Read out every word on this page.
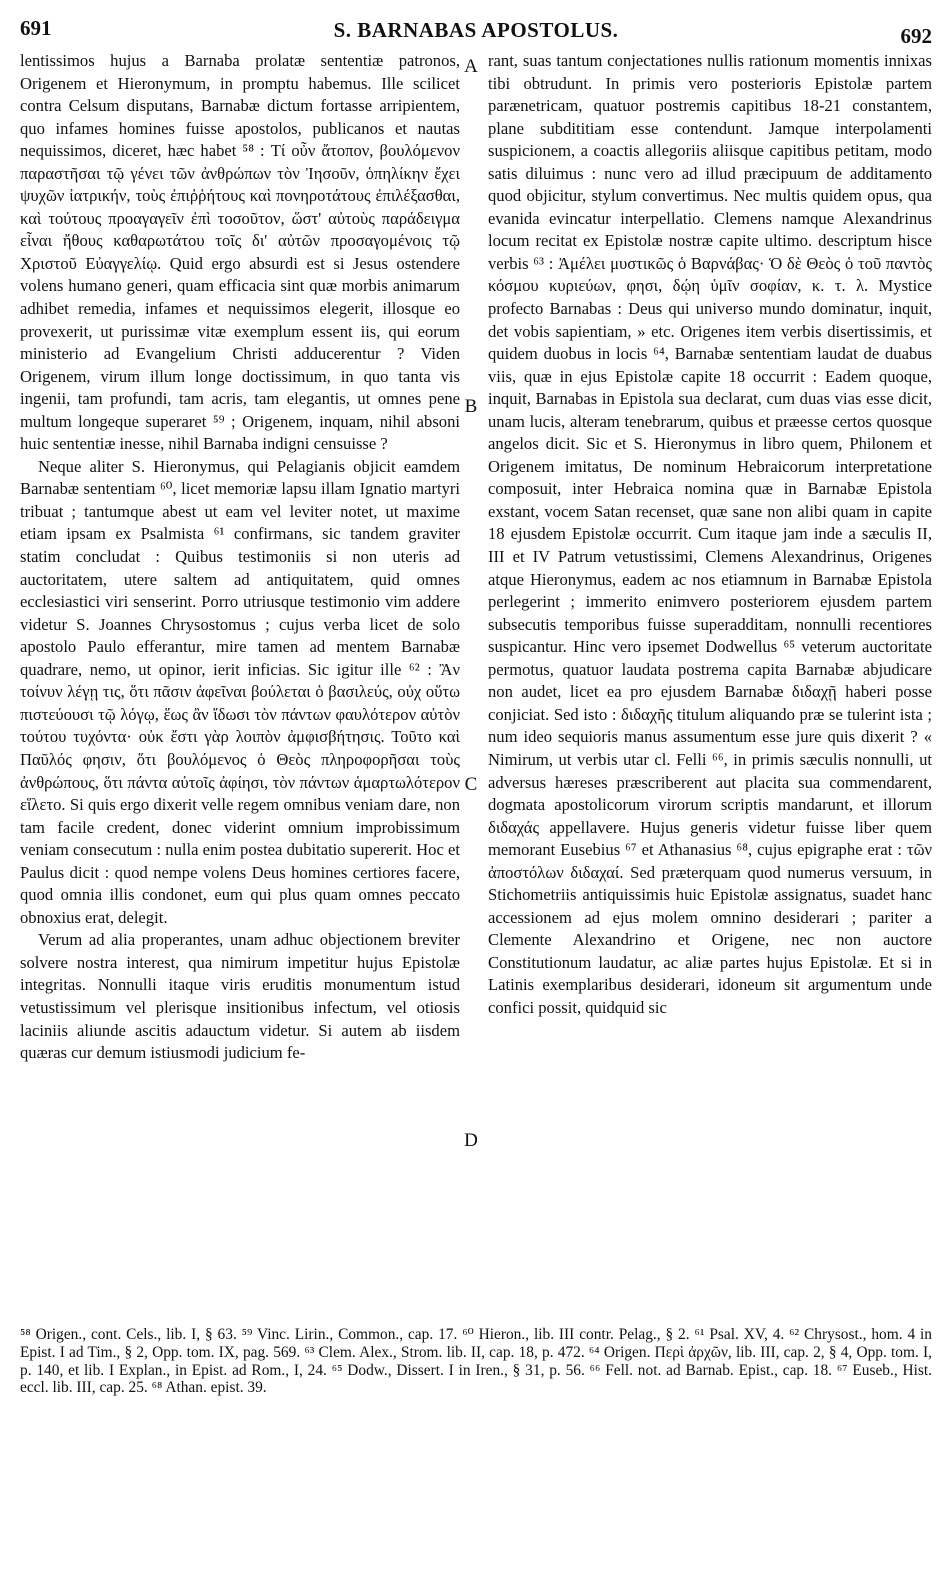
691	S. BARNABAS APOSTOLUS.	692

lentissimos hujus a Barnaba prolatæ sententiæ patronos, Origenem et Hieronymum, in promptu habemus. Ille scilicet contra Celsum disputans, Barnabæ dictum fortasse arripientem, quo infames homines fuisse apostolos, publicanos et nautas nequissimos, diceret, hæc habet ⁵⁸ : Τί οὖν ἄτοπον, βουλόμενον παραστῆσαι τῷ γένει τῶν ἀνθρώπων τὸν Ἰησοῦν, ὁπηλίκην ἔχει ψυχῶν ἰατρικήν, τοὺς ἐπιῤῥήτους καὶ πονηροτάτους ἐπιλέξασθαι, καὶ τούτους προαγαγεῖν ἐπὶ τοσοῦτον, ὥστ' αὐτοὺς παράδειγμα εἶναι ἤθους καθαρωτάτου τοῖς δι' αὐτῶν προσαγομένοις τῷ Χριστοῦ Εὐαγγελίῳ. Quid ergo absurdi est si Jesus ostendere volens humano generi, quam efficacia sint quæ morbis animarum adhibet remedia, infames et nequissimos elegerit, illosque eo provexerit, ut purissimæ vitæ exemplum essent iis, qui eorum ministerio ad Evangelium Christi adducerentur ? Viden Origenem, virum illum longe doctissimum, in quo tanta vis ingenii, tam profundi, tam acris, tam elegantis, ut omnes pene multum longeque superaret ⁵⁹ ; Origenem, inquam, nihil absoni huic sententiæ inesse, nihil Barnaba indigni censuisse ?

Neque aliter S. Hieronymus, qui Pelagianis objicit eamdem Barnabæ sententiam ⁶⁰, licet memoriæ lapsu illam Ignatio martyri tribuat ; tantumque abest ut eam vel leviter notet, ut maxime etiam ipsam ex Psalmista ⁶¹ confirmans, sic tandem graviter statim concludat : Quibus testimoniis si non uteris ad auctoritatem, utere saltem ad antiquitatem, quid omnes ecclesiastici viri senserint. Porro utriusque testimonio vim addere videtur S. Joannes Chrysostomus ; cujus verba licet de solo apostolo Paulo efferantur, mire tamen ad mentem Barnabæ quadrare, nemo, ut opinor, ierit inficias. Sic igitur ille ⁶² : Ἂν τοίνυν λέγῃ τις, ὅτι πᾶσιν ἀφεῖναι βούλεται ὁ βασιλεύς, οὐχ οὕτω πιστεύουσι τῷ λόγῳ, ἕως ἂν ἴδωσι τὸν πάντων φαυλότερον αὐτὸν τούτου τυχόντα· οὐκ ἔστι γὰρ λοιπὸν ἀμφισβήτησις. Τοῦτο καὶ Παῦλός φησιν, ὅτι βουλόμενος ὁ Θεὸς πληροφορῆσαι τοὺς ἀνθρώπους, ὅτι πάντα αὐτοῖς ἀφίησι, τὸν πάντων ἁμαρτωλότερον εἵλετο. Si quis ergo dixerit velle regem omnibus veniam dare, non tam facile credent, donec viderint omnium improbissimum veniam consecutum : nulla enim postea dubitatio supererit. Hoc et Paulus dicit : quod nempe volens Deus homines certiores facere, quod omnia illis condonet, eum qui plus quam omnes peccato obnoxius erat, delegit.

Verum ad alia properantes, unam adhuc objectionem breviter solvere nostra interest, qua nimirum impetitur hujus Epistolæ integritas. Nonnulli itaque viris eruditis monumentum istud vetustissimum vel plerisque insitionibus infectum, vel otiosis laciniis aliunde ascitis adauctum videtur. Si autem ab iisdem quæras cur demum istiusmodi judicium fe-

A
B
C
D

rant, suas tantum conjectationes nullis rationum momentis innixas tibi obtrudunt. In primis vero posterioris Epistolæ partem parænetricam, quatuor postremis capitibus 18-21 constantem, plane subdititiam esse contendunt. Jamque interpolamenti suspicionem, a coactis allegoriis aliisque capitibus petitam, modo satis diluimus : nunc vero ad illud præcipuum de additamento quod objicitur, stylum convertimus. Nec multis quidem opus, qua evanida evincatur interpellatio. Clemens namque Alexandrinus locum recitat ex Epistolæ nostræ capite ultimo. descriptum hisce verbis ⁶³ : Ἀμέλει μυστικῶς ὁ Βαρνάβας· Ὁ δὲ Θεὸς ὁ τοῦ παντὸς κόσμου κυριεύων, φησι, δῴη ὑμῖν σοφίαν, κ. τ. λ. Mystice profecto Barnabas : Deus qui universo mundo dominatur, inquit, det vobis sapientiam, » etc. Origenes item verbis disertissimis, et quidem duobus in locis ⁶⁴, Barnabæ sententiam laudat de duabus viis, quæ in ejus Epistolæ capite 18 occurrit : Eadem quoque, inquit, Barnabas in Epistola sua declarat, cum duas vias esse dicit, unam lucis, alteram tenebrarum, quibus et præesse certos quosque angelos dicit. Sic et S. Hieronymus in libro quem, Philonem et Origenem imitatus, De nominum Hebraicorum interpretatione composuit, inter Hebraica nomina quæ in Barnabæ Epistola exstant, vocem Satan recenset, quæ sane non alibi quam in capite 18 ejusdem Epistolæ occurrit. Cum itaque jam inde a sæculis II, III et IV Patrum vetustissimi, Clemens Alexandrinus, Origenes atque Hieronymus, eadem ac nos etiamnum in Barnabæ Epistola perlegerint ; immerito enimvero posteriorem ejusdem partem subsecutis temporibus fuisse superadditam, nonnulli recentiores suspicantur. Hinc vero ipsemet Dodwellus ⁶⁵ veterum auctoritate permotus, quatuor laudata postrema capita Barnabæ abjudicare non audet, licet ea pro ejusdem Barnabæ διδαχῇ haberi posse conjiciat. Sed isto : διδαχῆς titulum aliquando præ se tulerint ista ; num ideo sequioris manus assumentum esse jure quis dixerit ? « Nimirum, ut verbis utar cl. Felli ⁶⁶, in primis sæculis nonnulli, ut adversus hæreses præscriberent aut placita sua commendarent, dogmata apostolicorum virorum scriptis mandarunt, et illorum διδαχάς appellavere. Hujus generis videtur fuisse liber quem memorant Eusebius ⁶⁷ et Athanasius ⁶⁸, cujus epigraphe erat : τῶν ἀποστόλων διδαχαί. Sed præterquam quod numerus versuum, in Stichometriis antiquissimis huic Epistolæ assignatus, suadet hanc accessionem ad ejus molem omnino desiderari ; pariter a Clemente Alexandrino et Origene, nec non auctore Constitutionum laudatur, ac aliæ partes hujus Epistolæ. Et si in Latinis exemplaribus desiderari, idoneum sit argumentum unde confici possit, quidquid sic

⁵⁸ Origen., cont. Cels., lib. I, § 63. ⁵⁹ Vinc. Lirin., Common., cap. 17. ⁶⁰ Hieron., lib. III contr. Pelag., § 2. ⁶¹ Psal. XV, 4. ⁶² Chrysost., hom. 4 in Epist. I ad Tim., § 2, Opp. tom. IX, pag. 569. ⁶³ Clem. Alex., Strom. lib. II, cap. 18, p. 472. ⁶⁴ Origen. Περὶ ἀρχῶν, lib. III, cap. 2, § 4, Opp. tom. I, p. 140, et lib. I Explan., in Epist. ad Rom., I, 24. ⁶⁵ Dodw., Dissert. I in Iren., § 31, p. 56. ⁶⁶ Fell. not. ad Barnab. Epist., cap. 18. ⁶⁷ Euseb., Hist. eccl. lib. III, cap. 25. ⁶⁸ Athan. epist. 39.
